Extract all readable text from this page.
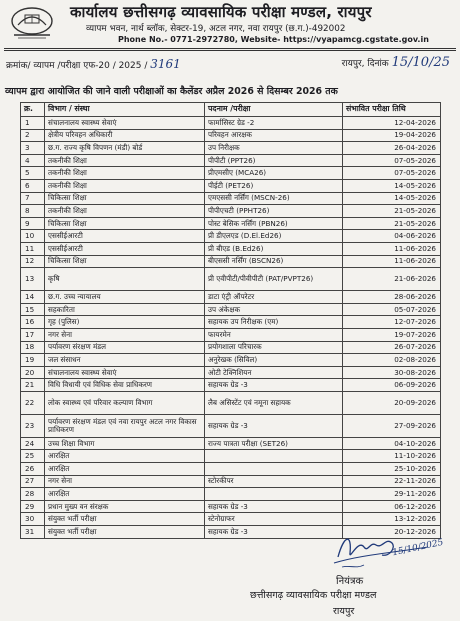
कार्यालय छत्तीसगढ़ व्यावसायिक परीक्षा मण्डल, रायपुर
व्यापम भवन, नार्थ ब्लॉक, सेक्टर-19, अटल नगर, नवा रायपुर (छ.ग.)-492002
Phone No.- 0771-2972780, Website- https://vyapamcg.cgstate.gov.in
क्रमांक/ व्यापम /परीक्षा एफ-20 / 2025 / 3161	रायपुर, दिनांक 15/10/25
व्यापम द्वारा आयोजित की जाने वाली परीक्षाओं का कैलेंडर अप्रैल 2026 से दिसम्बर 2026 तक
क्र.	विभाग / संस्था	पदनाम /परीक्षा	संभावित परीक्षा तिथि
1	संचालनालय स्वास्थ्य सेवाएं	फार्मासिस्ट ग्रेड -2	12-04-2026
2	क्षेत्रीय परिवहन अधिकारी	परिवहन आरक्षक	19-04-2026
3	छ.ग. राज्य कृषि विपणन (मंडी) बोर्ड	उप निरीक्षक	26-04-2026
4	तकनीकी शिक्षा	पीपीटी (PPT26)	07-05-2026
5	तकनीकी शिक्षा	प्रीएमसीए (MCA26)	07-05-2026
6	तकनीकी शिक्षा	पीईटी (PET26)	14-05-2026
7	चिकित्सा शिक्षा	एमएससी नर्सिंग (MSCN-26)	14-05-2026
8	तकनीकी शिक्षा	पीपीएचटी (PPHT26)	21-05-2026
9	चिकित्सा शिक्षा	पोस्ट बेसिक नर्सिंग (PBN26)	21-05-2026
10	एससीईआरटी	प्री डीएलएड (D.El.Ed26)	04-06-2026
11	एससीईआरटी	प्री बीएड (B.Ed26)	11-06-2026
12	चिकित्सा शिक्षा	बीएससी नर्सिंग (BSCN26)	11-06-2026
13	कृषि	प्री एवीपीटी/पीवीपीटी (PAT/PVPT26)	21-06-2026
14	छ.ग. उच्च न्यायालय	डाटा एंट्री ऑपरेटर	28-06-2026
15	सहकारिता	उप अंकेक्षक	05-07-2026
16	गृह (पुलिस)	सहायक उप निरीक्षक (एम)	12-07-2026
17	नगर सेना	फायरमेन	19-07-2026
18	पर्यावरण संरक्षण मंडल	प्रयोगशाला परिचारक	26-07-2026
19	जल संसाधन	अनुरेखक (सिविल)	02-08-2026
20	संचालनालय स्वास्थ्य सेवाएं	ओटी टेक्निशियन	30-08-2026
21	विधि विधायी एवं विधिक सेवा प्राधिकरण	सहायक ग्रेड -3	06-09-2026
22	लोक स्वास्थ्य एवं परिवार कल्याण विभाग	लैब असिस्टेंट एवं नमूना सहायक	20-09-2026
23	पर्यावरण संरक्षण मंडल एवं नवा रायपुर अटल नगर विकास प्राधिकरण	सहायक ग्रेड -3	27-09-2026
24	उच्च शिक्षा विभाग	राज्य पात्रता परीक्षा (SET26)	04-10-2026
25	आरक्षित		11-10-2026
26	आरक्षित		25-10-2026
27	नगर सेना	स्टोरकीपर	22-11-2026
28	आरक्षित		29-11-2026
29	प्रधान मुख्य वन संरक्षक	सहायक ग्रेड -3	06-12-2026
30	संयुक्त भर्ती परीक्षा	स्टेनोग्राफर	13-12-2026
31	संयुक्त भर्ती परीक्षा	सहायक ग्रेड -3	20-12-2026
15/10/2025
नियंत्रक
छत्तीसगढ़ व्यावसायिक परीक्षा मण्डल
रायपुर
